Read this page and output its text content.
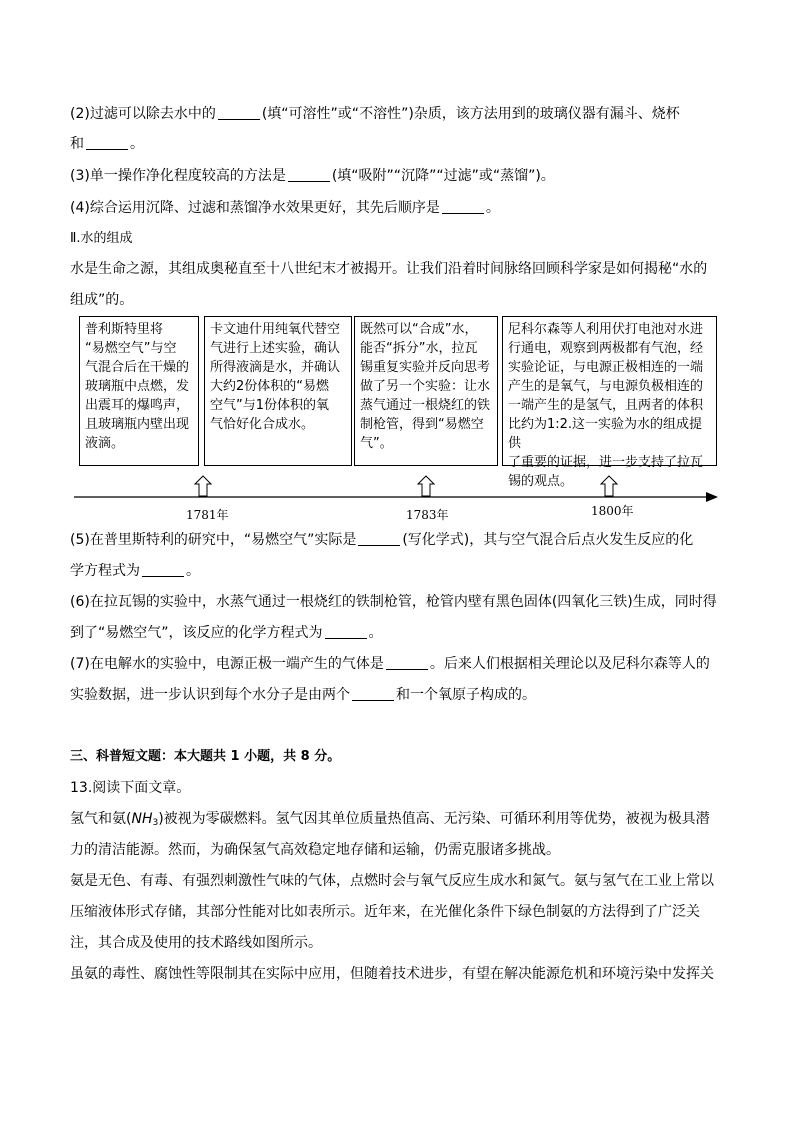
(2)过滤可以除去水中的	(填“可溶性”或“不溶性”)杂质，该方法用到的玻璃仪器有漏斗、烧杯
和	。
(3)单一操作净化程度较高的方法是	(填“吸附”“沉降”“过滤”或“蒸馏”)。
(4)综合运用沉降、过滤和蒸馏净水效果更好，其先后顺序是	。
Ⅱ.水的组成
水是生命之源，其组成奥秘直至十八世纪末才被揭开。让我们沿着时间脉络回顾科学家是如何揭秘“水的
组成”的。

普利斯特里将

“易燃空气”与空

气混合后在干燥的

玻璃瓶中点燃，发

出震耳的爆鸣声，

且玻璃瓶内壁出现

液滴。

卡文迪什用纯氧代替空

气进行上述实验，确认

所得液滴是水，并确认

大约2份体积的“易燃

空气”与1份体积的氧

气恰好化合成水。

既然可以“合成”水，

能否“拆分”水，拉瓦

锡重复实验并反向思考

做了另一个实验：让水

蒸气通过一根烧红的铁

制枪管，得到“易燃空

气”。

尼科尔森等人利用伏打电池对水进

行通电，观察到两极都有气泡，经

实验论证，与电源正极相连的一端

产生的是氧气，与电源负极相连的

一端产生的是氢气，且两者的体积

比约为1:2.这一实验为水的组成提供

了重要的证据，进一步支持了拉瓦

锡的观点。

1781年	1783年	1800年
(5)在普里斯特利的研究中，“易燃空气”实际是	(写化学式)，其与空气混合后点火发生反应的化
学方程式为	。
(6)在拉瓦锡的实验中，水蒸气通过一根烧红的铁制枪管，枪管内壁有黑色固体(四氧化三铁)生成，同时得
到了“易燃空气”，该反应的化学方程式为	。
(7)在电解水的实验中，电源正极一端产生的气体是	。后来人们根据相关理论以及尼科尔森等人的
实验数据，进一步认识到每个水分子是由两个	和一个氧原子构成的。
三、科普短文题：本大题共 1 小题，共 8 分。
13.阅读下面文章。
氢气和氨$(NH_3)$被视为零碳燃料。氢气因其单位质量热值高、无污染、可循环利用等优势，被视为极具潜
力的清洁能源。然而，为确保氢气高效稳定地存储和运输，仍需克服诸多挑战。
氨是无色、有毒、有强烈刺激性气味的气体，点燃时会与氧气反应生成水和氮气。氨与氢气在工业上常以
压缩液体形式存储，其部分性能对比如表所示。近年来，在光催化条件下绿色制氨的方法得到了广泛关
注，其合成及使用的技术路线如图所示。
虽氨的毒性、腐蚀性等限制其在实际中应用，但随着技术进步，有望在解决能源危机和环境污染中发挥关
